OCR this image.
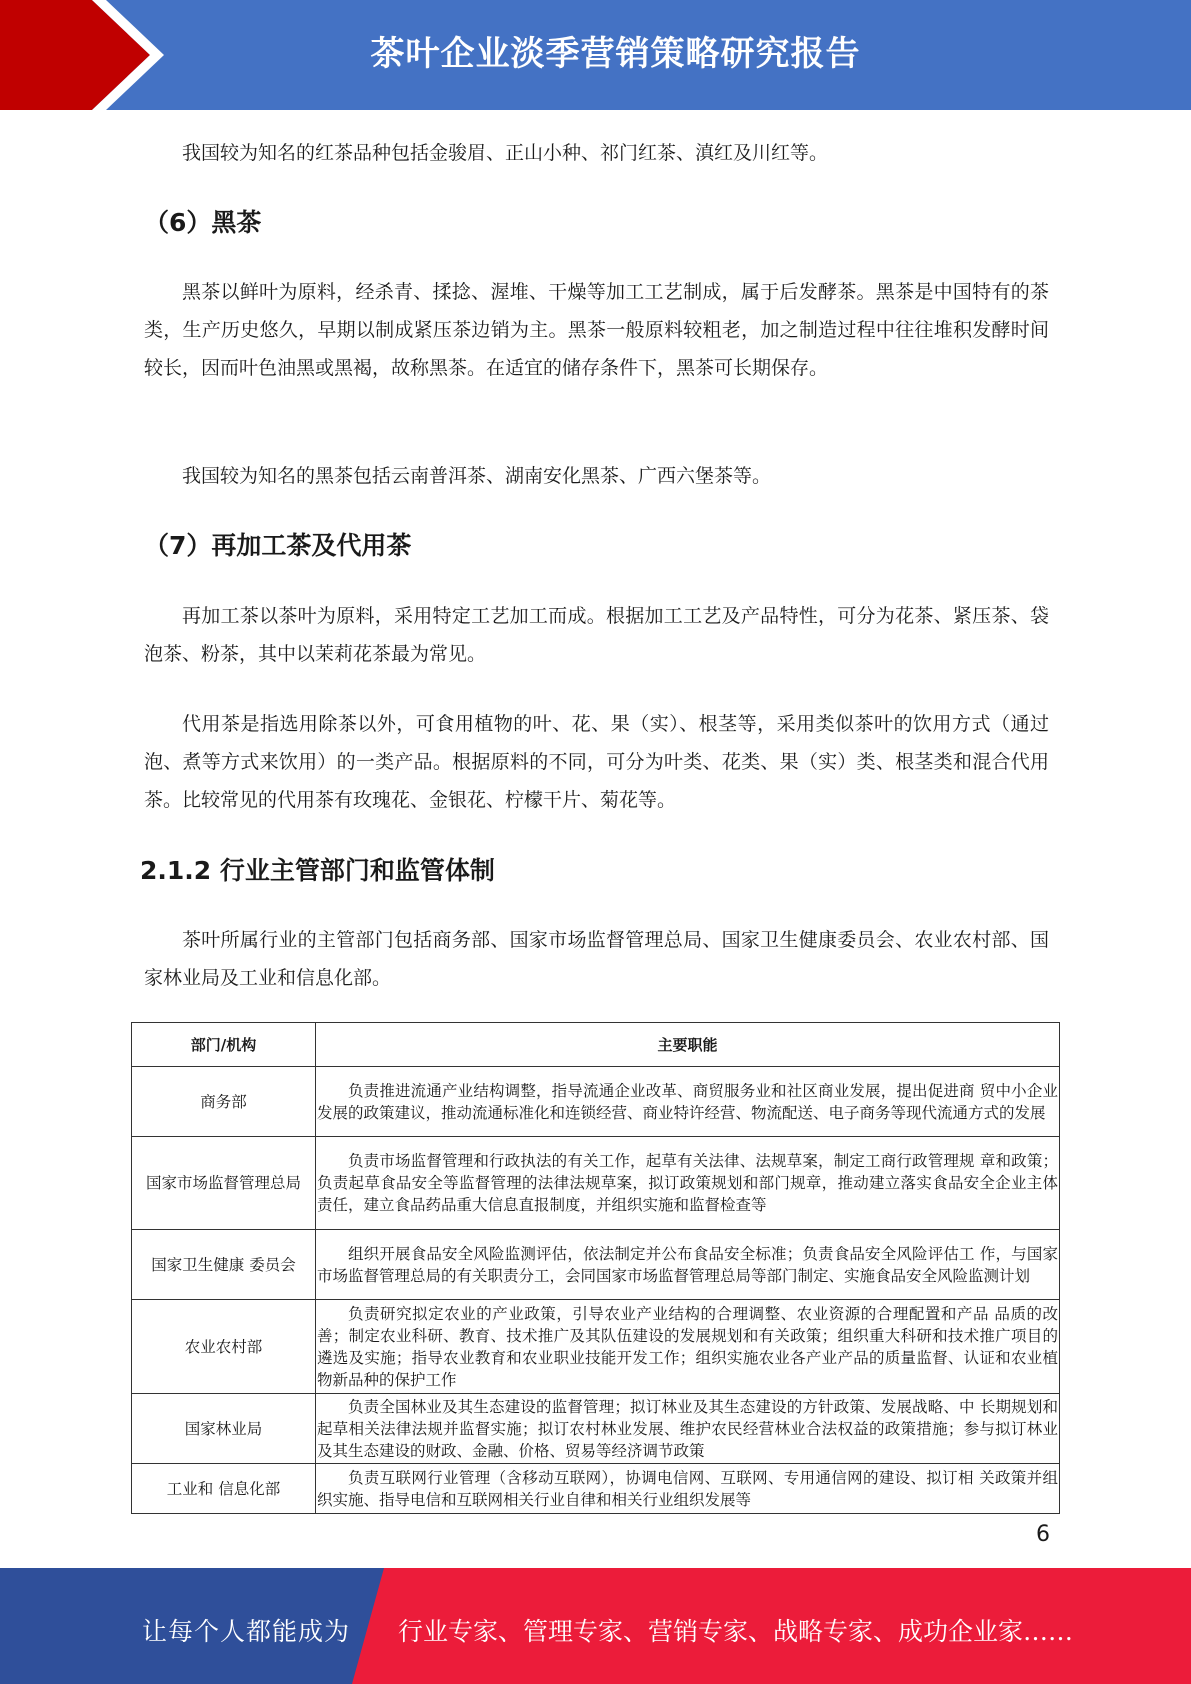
茶叶企业淡季营销策略研究报告

我国较为知名的红茶品种包括金骏眉、正山小种、祁门红茶、滇红及川红等。

（6）黑茶

黑茶以鲜叶为原料，经杀青、揉捻、渥堆、干燥等加工工艺制成，属于后发酵茶。黑茶是中国特有的茶类，生产历史悠久，早期以制成紧压茶边销为主。黑茶一般原料较粗老，加之制造过程中往往堆积发酵时间较长，因而叶色油黑或黑褐，故称黑茶。在适宜的储存条件下，黑茶可长期保存。

我国较为知名的黑茶包括云南普洱茶、湖南安化黑茶、广西六堡茶等。

（7）再加工茶及代用茶

再加工茶以茶叶为原料，采用特定工艺加工而成。根据加工工艺及产品特性，可分为花茶、紧压茶、袋泡茶、粉茶，其中以茉莉花茶最为常见。

代用茶是指选用除茶以外，可食用植物的叶、花、果（实）、根茎等，采用类似茶叶的饮用方式（通过泡、煮等方式来饮用）的一类产品。根据原料的不同，可分为叶类、花类、果（实）类、根茎类和混合代用茶。比较常见的代用茶有玫瑰花、金银花、柠檬干片、菊花等。

2.1.2 行业主管部门和监管体制

茶叶所属行业的主管部门包括商务部、国家市场监督管理总局、国家卫生健康委员会、农业农村部、国家林业局及工业和信息化部。

部门/机构	主要职能
商务部	负责推进流通产业结构调整，指导流通企业改革、商贸服务业和社区商业发展，提出促进商 贸中小企业发展的政策建议，推动流通标准化和连锁经营、商业特许经营、物流配送、电子商务等现代流通方式的发展
国家市场监督管理总局	负责市场监督管理和行政执法的有关工作，起草有关法律、法规草案，制定工商行政管理规 章和政策；负责起草食品安全等监督管理的法律法规草案，拟订政策规划和部门规章，推动建立落实食品安全企业主体责任，建立食品药品重大信息直报制度，并组织实施和监督检查等
国家卫生健康 委员会	组织开展食品安全风险监测评估，依法制定并公布食品安全标准；负责食品安全风险评估工 作，与国家市场监督管理总局的有关职责分工，会同国家市场监督管理总局等部门制定、实施食品安全风险监测计划
农业农村部	负责研究拟定农业的产业政策，引导农业产业结构的合理调整、农业资源的合理配置和产品 品质的改善；制定农业科研、教育、技术推广及其队伍建设的发展规划和有关政策；组织重大科研和技术推广项目的遴选及实施；指导农业教育和农业职业技能开发工作；组织实施农业各产业产品的质量监督、认证和农业植物新品种的保护工作
国家林业局	负责全国林业及其生态建设的监督管理；拟订林业及其生态建设的方针政策、发展战略、中 长期规划和起草相关法律法规并监督实施；拟订农村林业发展、维护农民经营林业合法权益的政策措施；参与拟订林业及其生态建设的财政、金融、价格、贸易等经济调节政策
工业和 信息化部	负责互联网行业管理（含移动互联网），协调电信网、互联网、专用通信网的建设、拟订相 关政策并组织实施、指导电信和互联网相关行业自律和相关行业组织发展等
6
让每个人都能成为 行业专家、管理专家、营销专家、战略专家、成功企业家……
